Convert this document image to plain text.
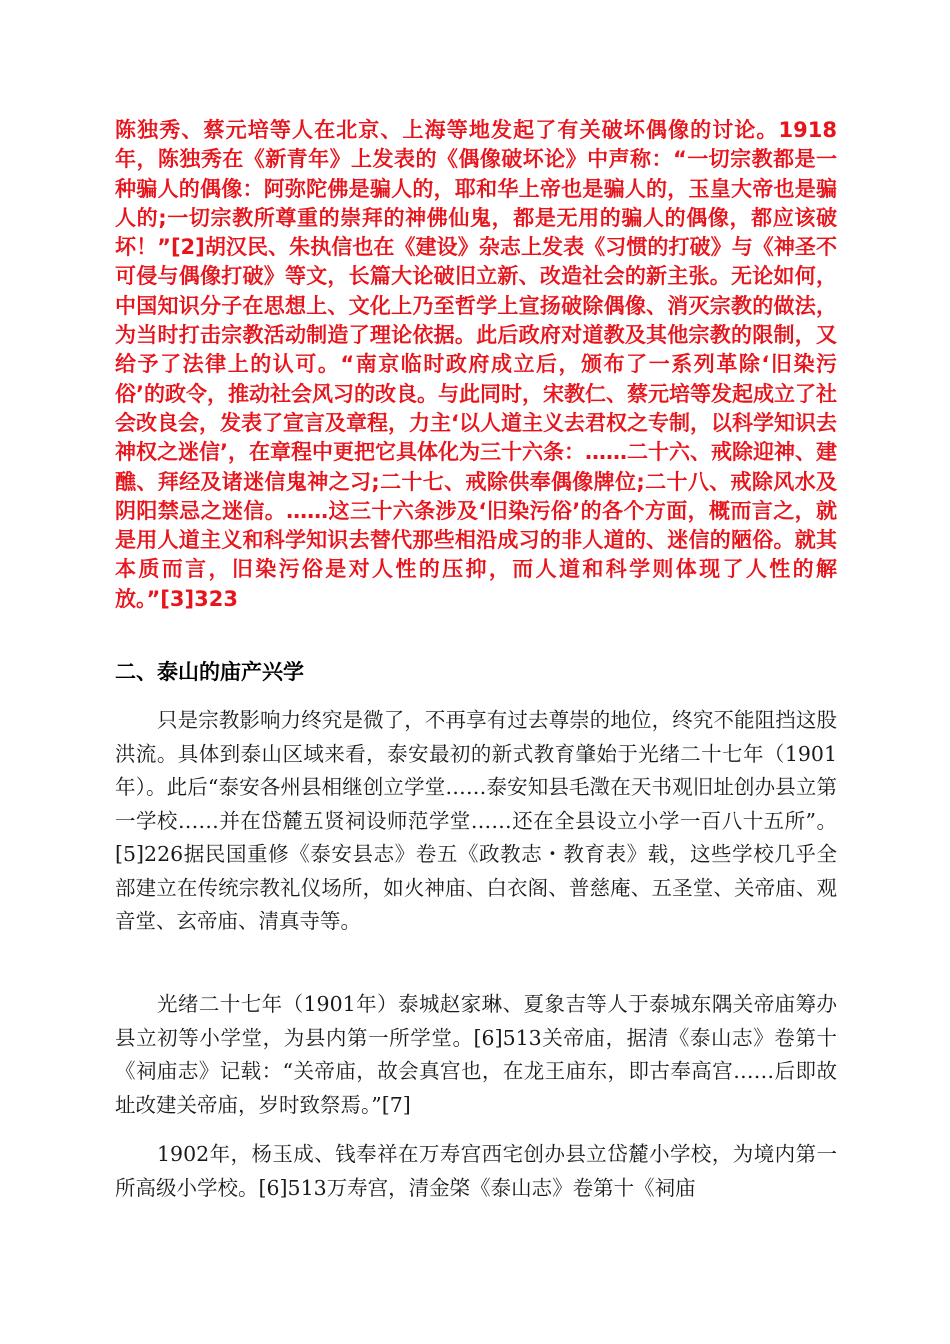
陈独秀、蔡元培等人在北京、上海等地发起了有关破坏偶像的讨论。1918年，陈独秀在《新青年》上发表的《偶像破坏论》中声称：“一切宗教都是一种骗人的偶像：阿弥陀佛是骗人的，耶和华上帝也是骗人的，玉皇大帝也是骗人的;一切宗教所尊重的崇拜的神佛仙鬼，都是无用的骗人的偶像，都应该破坏！”[2]胡汉民、朱执信也在《建设》杂志上发表《习惯的打破》与《神圣不可侵与偶像打破》等文，长篇大论破旧立新、改造社会的新主张。无论如何，中国知识分子在思想上、文化上乃至哲学上宣扬破除偶像、消灭宗教的做法，为当时打击宗教活动制造了理论依据。此后政府对道教及其他宗教的限制，又给予了法律上的认可。“南京临时政府成立后，颁布了一系列革除‘旧染污俗’的政令，推动社会风习的改良。与此同时，宋教仁、蔡元培等发起成立了社会改良会，发表了宣言及章程，力主‘以人道主义去君权之专制，以科学知识去神权之迷信’，在章程中更把它具体化为三十六条：……二十六、戒除迎神、建醮、拜经及诸迷信鬼神之习;二十七、戒除供奉偶像牌位;二十八、戒除风水及阴阳禁忌之迷信。……这三十六条涉及‘旧染污俗’的各个方面，概而言之，就是用人道主义和科学知识去替代那些相沿成习的非人道的、迷信的陋俗。就其本质而言，旧染污俗是对人性的压抑，而人道和科学则体现了人性的解放。”[3]323

二、泰山的庙产兴学

只是宗教影响力终究是微了，不再享有过去尊崇的地位，终究不能阻挡这股洪流。具体到泰山区域来看，泰安最初的新式教育肇始于光绪二十七年（1901年）。此后“泰安各州县相继创立学堂……泰安知县毛澂在天书观旧址创办县立第一学校……并在岱麓五贤祠设师范学堂……还在全县设立小学一百八十五所”。[5]226据民国重修《泰安县志》卷五《政教志・教育表》载，这些学校几乎全部建立在传统宗教礼仪场所，如火神庙、白衣阁、普慈庵、五圣堂、关帝庙、观音堂、玄帝庙、清真寺等。

光绪二十七年（1901年）泰城赵家琳、夏象吉等人于泰城东隅关帝庙筹办县立初等小学堂，为县内第一所学堂。[6]513关帝庙，据清《泰山志》卷第十《祠庙志》记载：“关帝庙，故会真宫也，在龙王庙东，即古奉高宫……后即故址改建关帝庙，岁时致祭焉。”[7]

1902年，杨玉成、钱奉祥在万寿宫西宅创办县立岱麓小学校，为境内第一所高级小学校。[6]513万寿宫，清金棨《泰山志》卷第十《祠庙
